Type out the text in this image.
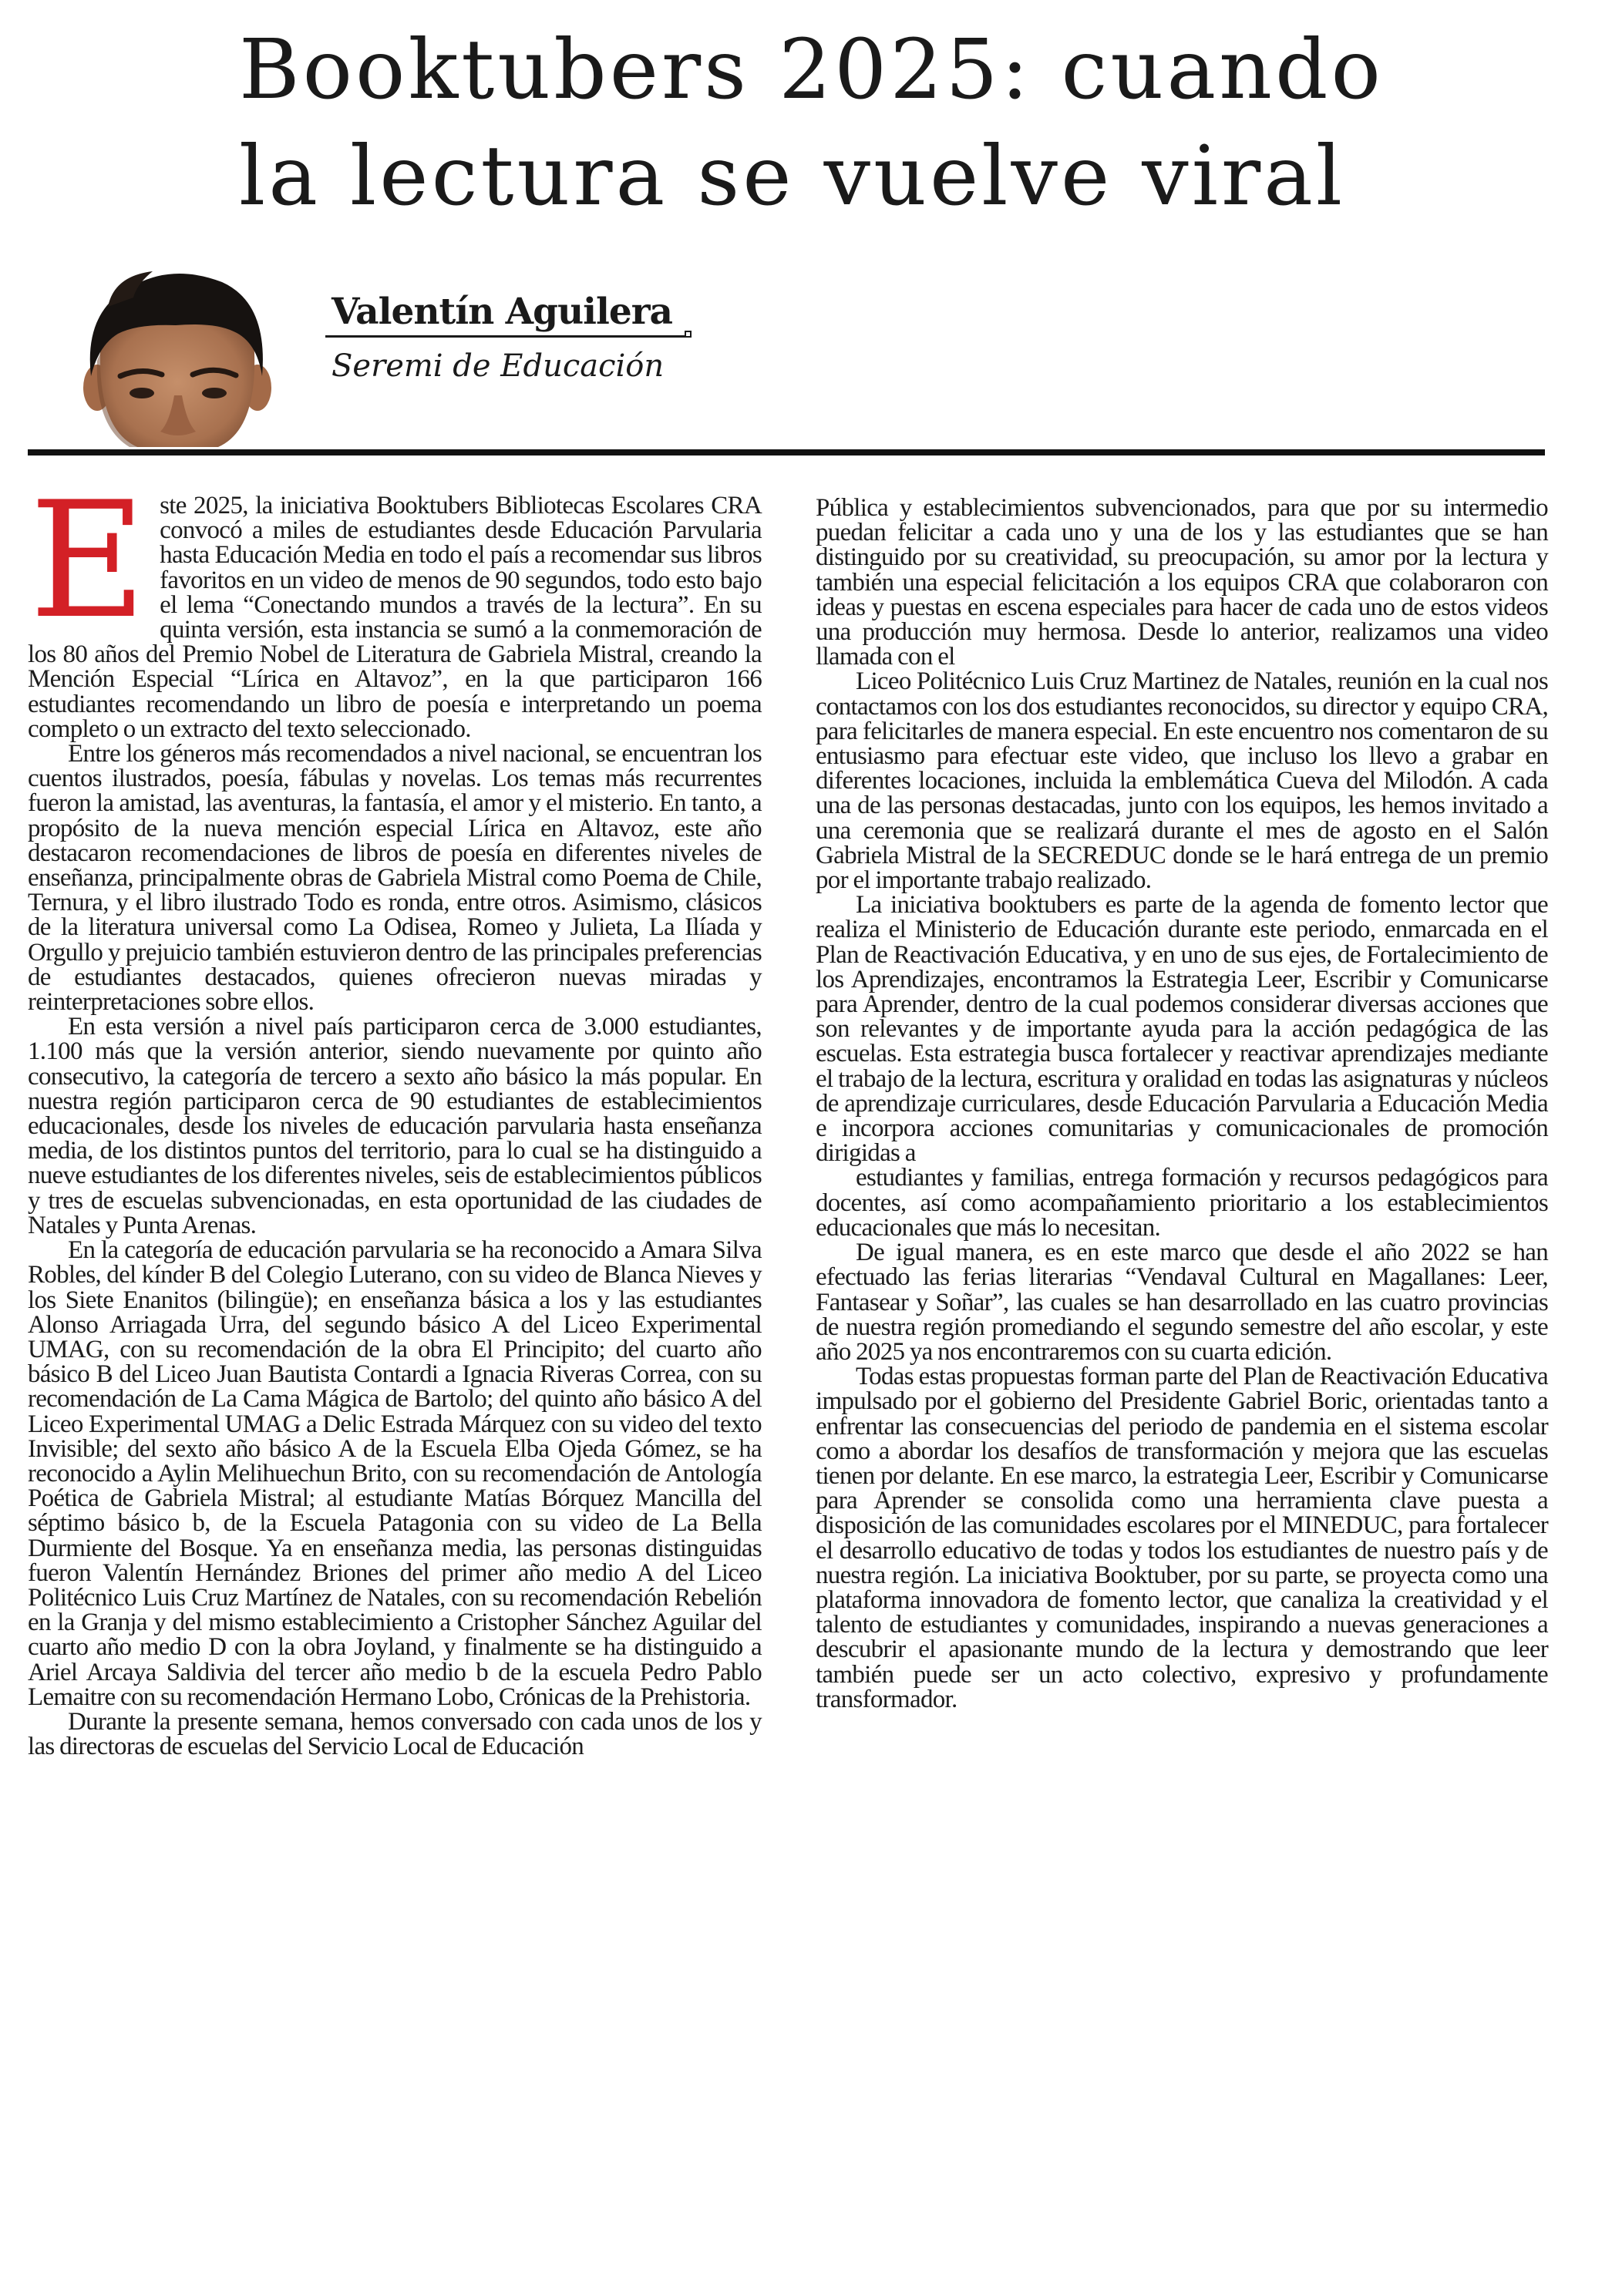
Booktubers 2025: cuando
la lectura se vuelve viral
Valentín Aguilera
Seremi de Educación

Este 2025, la iniciativa Booktubers Bibliotecas Escolares CRA convocó a miles de estudiantes desde Educación Parvularia hasta Educación Media en todo el país a recomendar sus libros favoritos en un video de menos de 90 segundos, todo esto bajo el lema “Conectando mundos a través de la lectura”. En su quinta versión, esta instancia se sumó a la conmemoración de los 80 años del Premio Nobel de Literatura de Gabriela Mistral, creando la Mención Especial “Lírica en Altavoz”, en la que participaron 166 estudiantes recomendando un libro de poesía e interpretando un poema completo o un extracto del texto seleccionado.

Entre los géneros más recomendados a nivel nacional, se encuentran los cuentos ilustrados, poesía, fábulas y novelas. Los temas más recurrentes fueron la amistad, las aventuras, la fantasía, el amor y el misterio. En tanto, a propósito de la nueva mención especial Lírica en Altavoz, este año destacaron recomendaciones de libros de poesía en diferentes niveles de enseñanza, principalmente obras de Gabriela Mistral como Poema de Chile, Ternura, y el libro ilustrado Todo es ronda, entre otros. Asimismo, clásicos de la literatura universal como La Odisea, Romeo y Julieta, La Ilíada y Orgullo y prejuicio también estuvieron dentro de las principales preferencias de estudiantes destacados, quienes ofrecieron nuevas miradas y reinterpretaciones sobre ellos.

En esta versión a nivel país participaron cerca de 3.000 estudiantes, 1.100 más que la versión anterior, siendo nuevamente por quinto año consecutivo, la categoría de tercero a sexto año básico la más popular. En nuestra región participaron cerca de 90 estudiantes de establecimientos educacionales, desde los niveles de educación parvularia hasta enseñanza media, de los distintos puntos del territorio, para lo cual se ha distinguido a nueve estudiantes de los diferentes niveles, seis de establecimientos públicos y tres de escuelas subvencionadas, en esta oportunidad de las ciudades de Natales y Punta Arenas.

En la categoría de educación parvularia se ha reconocido a Amara Silva Robles, del kínder B del Colegio Luterano, con su video de Blanca Nieves y los Siete Enanitos (bilingüe); en enseñanza básica a los y las estudiantes Alonso Arriagada Urra, del segundo básico A del Liceo Experimental UMAG, con su recomendación de la obra El Principito; del cuarto año básico B del Liceo Juan Bautista Contardi a Ignacia Riveras Correa, con su recomendación de La Cama Mágica de Bartolo; del quinto año básico A del Liceo Experimental UMAG a Delic Estrada Márquez con su video del texto Invisible; del sexto año básico A de la Escuela Elba Ojeda Gómez, se ha reconocido a Aylin Melihuechun Brito, con su recomendación de Antología Poética de Gabriela Mistral; al estudiante Matías Bórquez Mancilla del séptimo básico b, de la Escuela Patagonia con su video de La Bella Durmiente del Bosque. Ya en enseñanza media, las personas distinguidas fueron Valentín Hernández Briones del primer año medio A del Liceo Politécnico Luis Cruz Martínez de Natales, con su recomendación Rebelión en la Granja y del mismo establecimiento a Cristopher Sánchez Aguilar del cuarto año medio D con la obra Joyland, y finalmente se ha distinguido a Ariel Arcaya Saldivia del tercer año medio b de la escuela Pedro Pablo Lemaitre con su recomendación Hermano Lobo, Crónicas de la Prehistoria.

Durante la presente semana, hemos conversado con cada unos de los y las directoras de escuelas del Servicio Local de Educación

Pública y establecimientos subvencionados, para que por su intermedio puedan felicitar a cada uno y una de los y las estudiantes que se han distinguido por su creatividad, su preocupación, su amor por la lectura y también una especial felicitación a los equipos CRA que colaboraron con ideas y puestas en escena especiales para hacer de cada uno de estos videos una producción muy hermosa. Desde lo anterior, realizamos una video llamada con el

Liceo Politécnico Luis Cruz Martinez de Natales, reunión en la cual nos contactamos con los dos estudiantes reconocidos, su director y equipo CRA, para felicitarles de manera especial. En este encuentro nos comentaron de su entusiasmo para efectuar este video, que incluso los llevo a grabar en diferentes locaciones, incluida la emblemática Cueva del Milodón. A cada una de las personas destacadas, junto con los equipos, les hemos invitado a una ceremonia que se realizará durante el mes de agosto en el Salón Gabriela Mistral de la SECREDUC donde se le hará entrega de un premio por el importante trabajo realizado.

La iniciativa booktubers es parte de la agenda de fomento lector que realiza el Ministerio de Educación durante este periodo, enmarcada en el Plan de Reactivación Educativa, y en uno de sus ejes, de Fortalecimiento de los Aprendizajes, encontramos la Estrategia Leer, Escribir y Comunicarse para Aprender, dentro de la cual podemos considerar diversas acciones que son relevantes y de importante ayuda para la acción pedagógica de las escuelas. Esta estrategia busca fortalecer y reactivar aprendizajes mediante el trabajo de la lectura, escritura y oralidad en todas las asignaturas y núcleos de aprendizaje curriculares, desde Educación Parvularia a Educación Media e incorpora acciones comunitarias y comunicacionales de promoción dirigidas a

estudiantes y familias, entrega formación y recursos pedagógicos para docentes, así como acompañamiento prioritario a los establecimientos educacionales que más lo necesitan.

De igual manera, es en este marco que desde el año 2022 se han efectuado las ferias literarias “Vendaval Cultural en Magallanes: Leer, Fantasear y Soñar”, las cuales se han desarrollado en las cuatro provincias de nuestra región promediando el segundo semestre del año escolar, y este año 2025 ya nos encontraremos con su cuarta edición.

Todas estas propuestas forman parte del Plan de Reactivación Educativa impulsado por el gobierno del Presidente Gabriel Boric, orientadas tanto a enfrentar las consecuencias del periodo de pandemia en el sistema escolar como a abordar los desafíos de transformación y mejora que las escuelas tienen por delante. En ese marco, la estrategia Leer, Escribir y Comunicarse para Aprender se consolida como una herramienta clave puesta a disposición de las comunidades escolares por el MINEDUC, para fortalecer el desarrollo educativo de todas y todos los estudiantes de nuestro país y de nuestra región. La iniciativa Booktuber, por su parte, se proyecta como una plataforma innovadora de fomento lector, que canaliza la creatividad y el talento de estudiantes y comunidades, inspirando a nuevas generaciones a descubrir el apasionante mundo de la lectura y demostrando que leer también puede ser un acto colectivo, expresivo y profundamente transformador.
